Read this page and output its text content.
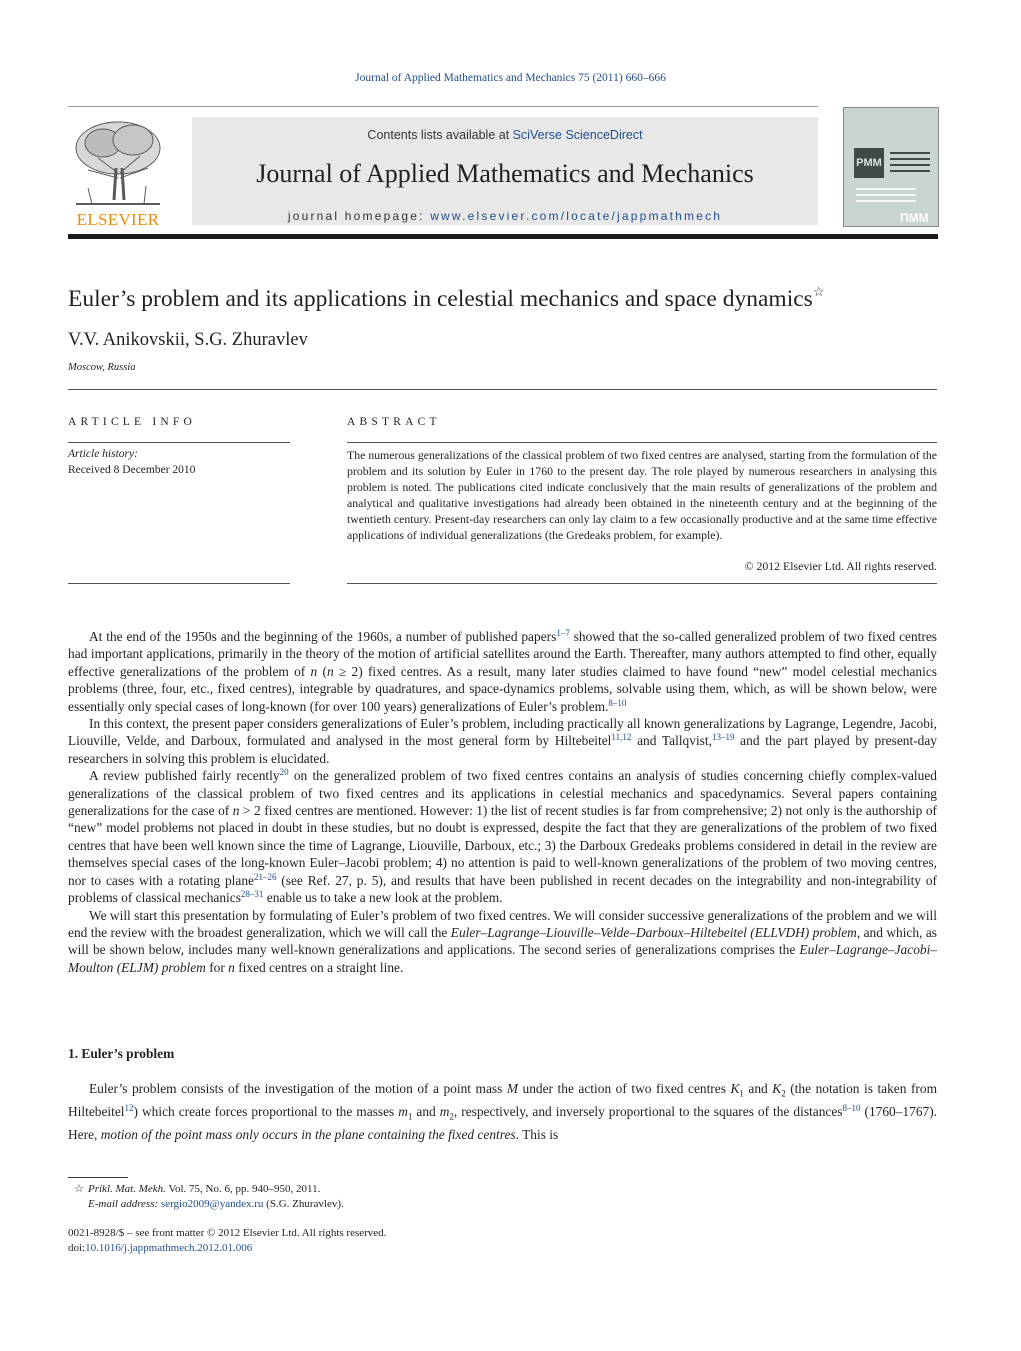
Journal of Applied Mathematics and Mechanics 75 (2011) 660–666
ELSEVIER
Contents lists available at SciVerse ScienceDirect
Journal of Applied Mathematics and Mechanics
journal homepage: www.elsevier.com/locate/jappmathmech
PMM
ПММ
Euler’s problem and its applications in celestial mechanics and space dynamics☆
V.V. Anikovskii, S.G. Zhuravlev
Moscow, Russia
ARTICLE INFO
Article history:
Received 8 December 2010
ABSTRACT
The numerous generalizations of the classical problem of two fixed centres are analysed, starting from the formulation of the problem and its solution by Euler in 1760 to the present day. The role played by numerous researchers in analysing this problem is noted. The publications cited indicate conclusively that the main results of generalizations of the problem and analytical and qualitative investigations had already been obtained in the nineteenth century and at the beginning of the twentieth century. Present-day researchers can only lay claim to a few occasionally productive and at the same time effective applications of individual generalizations (the Gredeaks problem, for example).
© 2012 Elsevier Ltd. All rights reserved.

At the end of the 1950s and the beginning of the 1960s, a number of published papers$^{1-7}$ showed that the so-called generalized problem of two fixed centres had important applications, primarily in the theory of the motion of artificial satellites around the Earth. Thereafter, many authors attempted to find other, equally effective generalizations of the problem of n (n ≥ 2) fixed centres. As a result, many later studies claimed to have found “new” model celestial mechanics problems (three, four, etc., fixed centres), integrable by quadratures, and space-dynamics problems, solvable using them, which, as will be shown below, were essentially only special cases of long-known (for over 100 years) generalizations of Euler’s problem.$^{8-10}$

In this context, the present paper considers generalizations of Euler’s problem, including practically all known generalizations by Lagrange, Legendre, Jacobi, Liouville, Velde, and Darboux, formulated and analysed in the most general form by Hiltebeitel$^{11,12}$ and Tallqvist,$^{13-19}$ and the part played by present-day researchers in solving this problem is elucidated.

A review published fairly recently$^{20}$ on the generalized problem of two fixed centres contains an analysis of studies concerning chiefly complex-valued generalizations of the classical problem of two fixed centres and its applications in celestial mechanics and spacedynamics. Several papers containing generalizations for the case of n > 2 fixed centres are mentioned. However: 1) the list of recent studies is far from comprehensive; 2) not only is the authorship of “new” model problems not placed in doubt in these studies, but no doubt is expressed, despite the fact that they are generalizations of the problem of two fixed centres that have been well known since the time of Lagrange, Liouville, Darboux, etc.; 3) the Darboux Gredeaks problems considered in detail in the review are themselves special cases of the long-known Euler–Jacobi problem; 4) no attention is paid to well-known generalizations of the problem of two moving centres, nor to cases with a rotating plane$^{21-26}$ (see Ref. 27, p. 5), and results that have been published in recent decades on the integrability and non-integrability of problems of classical mechanics$^{28-31}$ enable us to take a new look at the problem.

We will start this presentation by formulating of Euler’s problem of two fixed centres. We will consider successive generalizations of the problem and we will end the review with the broadest generalization, which we will call the Euler–Lagrange–Liouville–Velde–Darboux–Hiltebeitel (ELLVDH) problem, and which, as will be shown below, includes many well-known generalizations and applications. The second series of generalizations comprises the Euler–Lagrange–Jacobi–Moulton (ELJM) problem for n fixed centres on a straight line.

1. Euler’s problem

Euler’s problem consists of the investigation of the motion of a point mass M under the action of two fixed centres $K_1$ and $K_2$ (the notation is taken from Hiltebeitel$^{12}$) which create forces proportional to the masses $m_1$ and $m_2$, respectively, and inversely proportional to the squares of the distances$^{8-10}$ (1760–1767). Here, motion of the point mass only occurs in the plane containing the fixed centres. This is

☆ Prikl. Mat. Mekh. Vol. 75, No. 6, pp. 940–950, 2011.
E-mail address: sergio2009@yandex.ru (S.G. Zhuravlev).
0021-8928/$ – see front matter © 2012 Elsevier Ltd. All rights reserved.
doi:10.1016/j.jappmathmech.2012.01.006
